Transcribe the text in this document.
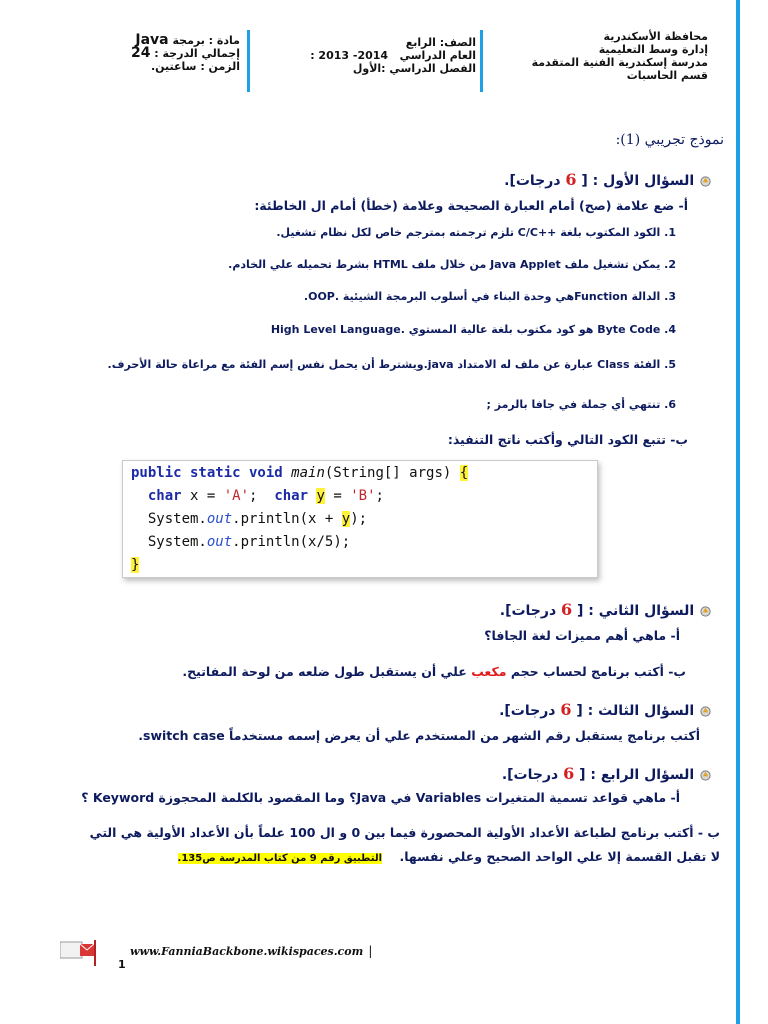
محافظة الأسكندرية
إدارة وسط التعليمية
مدرسة إسكندرية الفنية المتقدمة
قسم الحاسبات
الصف: الرابع
العام الدراسي   : 2013 -2014
الفصل الدراسي :الأول
مادة : برمجة Java
إجمالي الدرجة : 24
الزمن : ساعتين.
نموذج تجريبي (1):
السؤال الأول : [ 6 درجات].
أ- ضع علامة (صح) أمام العبارة الصحيحة وعلامة (خطأ) أمام ال الخاطئة:
1. الكود المكتوب بلغة ++C/C تلزم ترجمته بمترجم خاص لكل نظام تشغيل.
2. يمكن تشغيل ملف Java Applet من خلال ملف HTML بشرط تحميله علي الخادم.
3. الدالة Functionهي وحدة البناء في أسلوب البرمجة الشيئية .OOP.
4. Byte Code هو كود مكتوب بلغة عالية المستوي .High Level Language
5. الفئة Class عبارة عن ملف له الامتداد java.ويشترط أن يحمل نفس إسم الفئة مع مراعاة حالة الأحرف.
6. تنتهي أي جملة في جافا بالرمز ;
ب- تتبع الكود التالي وأكتب ناتج التنفيذ:
public static void main(String[] args) {
char x = 'A';  char y = 'B';
System.out.println(x + y);
System.out.println(x/5);
}
السؤال الثاني : [ 6 درجات].
أ- ماهي أهم مميزات لغة الجافا؟
ب- أكتب برنامج لحساب حجم مكعب علي أن يستقبل طول ضلعه من لوحة المفاتيح.
السؤال الثالث : [ 6 درجات].
أكتب برنامج يستقبل رقم الشهر من المستخدم علي أن يعرض إسمه مستخدماً switch case.
السؤال الرابع : [ 6 درجات].
أ- ماهي قواعد تسمية المتغيرات Variables في Java؟ وما المقصود بالكلمة المحجوزة Keyword ؟
ب - أكتب برنامج لطباعة الأعداد الأولية المحصورة فيما بين 0 و ال 100 علماً بأن الأعداد الأولية هي التي
لا تقبل القسمة إلا علي الواحد الصحيح وعلي نفسها.    التطبيق رقم 9 من كتاب المدرسة ص135.
www.FanniaBackbone.wikispaces.com |
1
